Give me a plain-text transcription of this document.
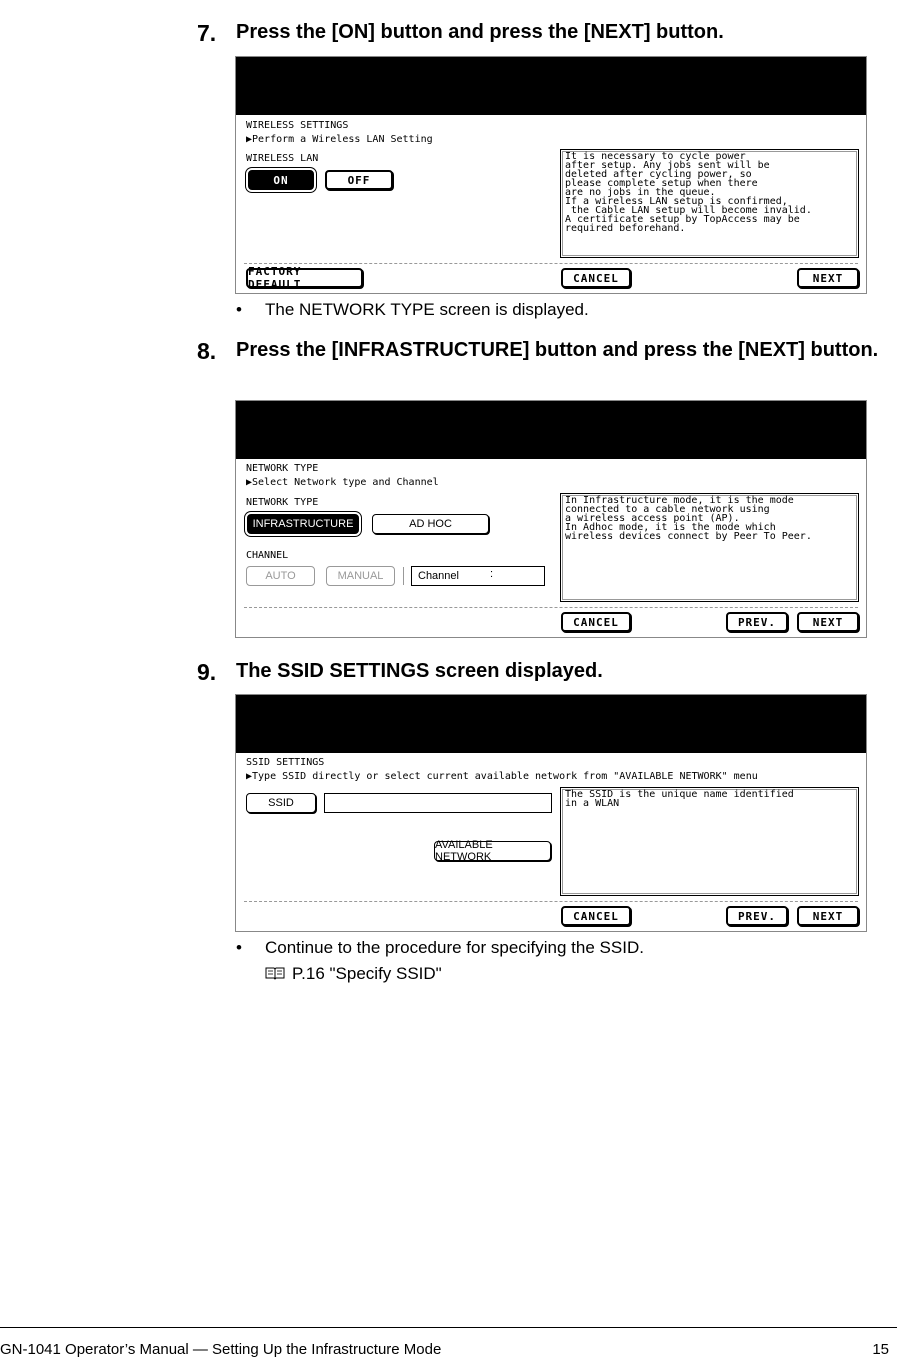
7. Press the [ON] button and press the [NEXT] button.
WIRELESS SETTINGS
▶Perform a Wireless LAN Setting
WIRELESS LAN
ON	OFF
It is necessary to cycle power
after setup. Any jobs sent will be
deleted after cycling power, so
please complete setup when there
are no jobs in the queue.
If a wireless LAN setup is confirmed,
the Cable LAN setup will become invalid.
A certificate setup by TopAccess may be
required beforehand.
FACTORY DEFAULT	CANCEL	NEXT
• The NETWORK TYPE screen is displayed.
8. Press the [INFRASTRUCTURE] button and press the [NEXT] button.
NETWORK TYPE
▶Select Network type and Channel
NETWORK TYPE
INFRASTRUCTURE	AD HOC
CHANNEL
AUTO	MANUAL	Channel	:
In Infrastructure mode, it is the mode
connected to a cable network using
a wireless access point (AP).
In Adhoc mode, it is the mode which
wireless devices connect by Peer To Peer.
CANCEL	PREV.	NEXT
9. The SSID SETTINGS screen displayed.
SSID SETTINGS
▶Type SSID directly or select current available network from "AVAILABLE NETWORK" menu
SSID
AVAILABLE NETWORK
The SSID is the unique name identified
in a WLAN
CANCEL	PREV.	NEXT
• Continue to the procedure for specifying the SSID.
P.16 "Specify SSID"
GN-1041 Operator’s Manual — Setting Up the Infrastructure Mode	15
